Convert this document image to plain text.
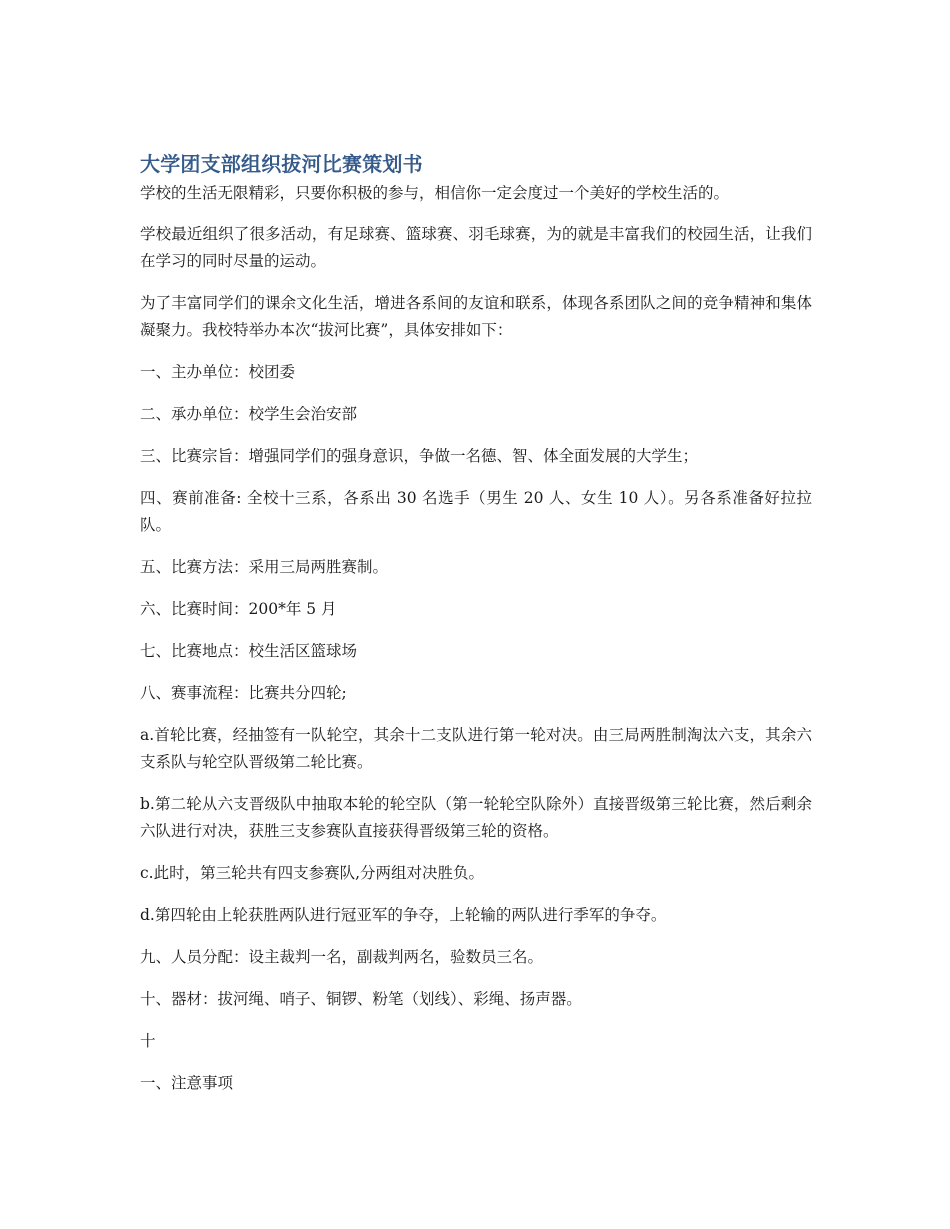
大学团支部组织拔河比赛策划书

学校的生活无限精彩，只要你积极的参与，相信你一定会度过一个美好的学校生活的。

学校最近组织了很多活动，有足球赛、篮球赛、羽毛球赛，为的就是丰富我们的校园生活，让我们在学习的同时尽量的运动。

为了丰富同学们的课余文化生活，增进各系间的友谊和联系，体现各系团队之间的竞争精神和集体凝聚力。我校特举办本次“拔河比赛”，具体安排如下：

一、主办单位：校团委

二、承办单位：校学生会治安部

三、比赛宗旨：增强同学们的强身意识，争做一名德、智、体全面发展的大学生；

四、赛前准备: 全校十三系，各系出 30 名选手（男生 20 人、女生 10 人）。另各系准备好拉拉队。

五、比赛方法：采用三局两胜赛制。

六、比赛时间：200*年 5 月

七、比赛地点：校生活区篮球场

八、赛事流程：比赛共分四轮;

a.首轮比赛，经抽签有一队轮空，其余十二支队进行第一轮对决。由三局两胜制淘汰六支，其余六支系队与轮空队晋级第二轮比赛。

b.第二轮从六支晋级队中抽取本轮的轮空队（第一轮轮空队除外）直接晋级第三轮比赛，然后剩余六队进行对决，获胜三支参赛队直接获得晋级第三轮的资格。

c.此时，第三轮共有四支参赛队,分两组对决胜负。

d.第四轮由上轮获胜两队进行冠亚军的争夺，上轮输的两队进行季军的争夺。

九、人员分配：设主裁判一名，副裁判两名，验数员三名。

十、器材：拔河绳、哨子、铜锣、粉笔（划线）、彩绳、扬声器。

十

一、注意事项
